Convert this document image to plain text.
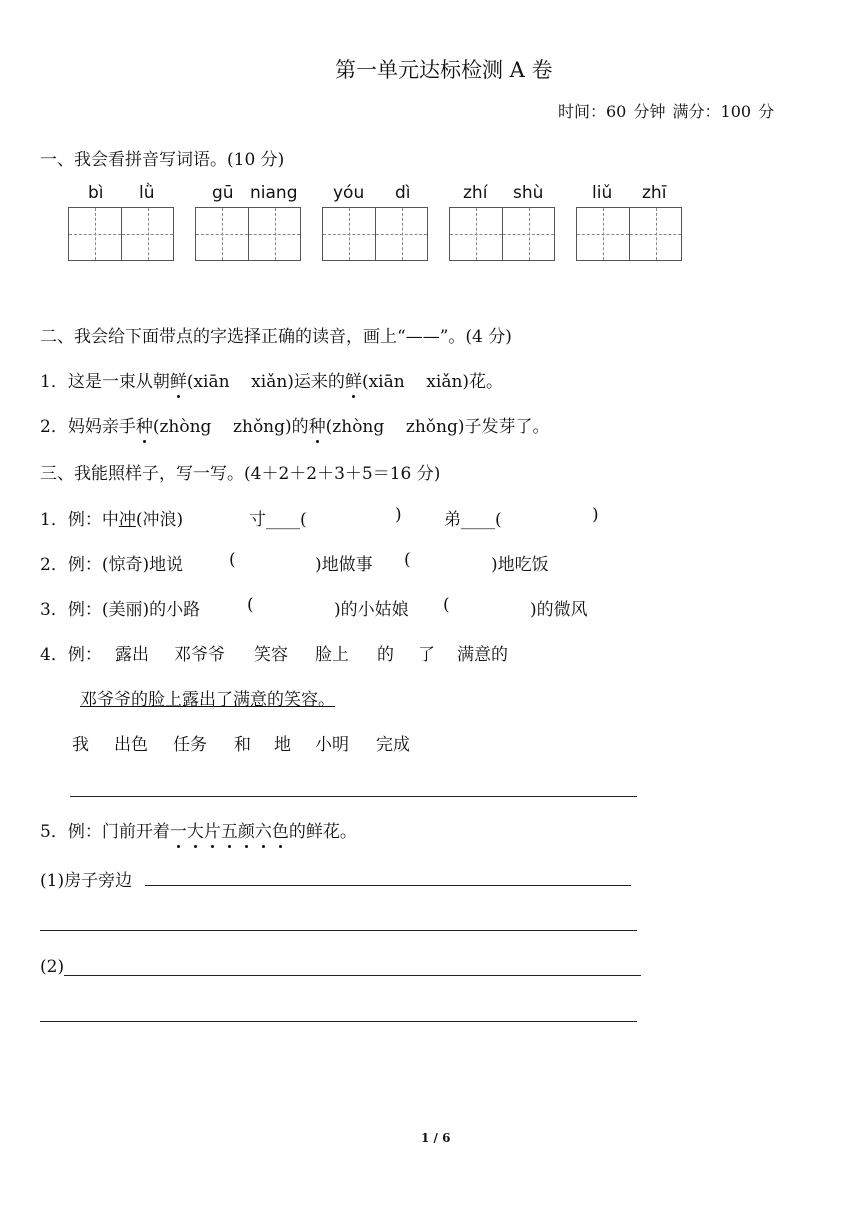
第一单元达标检测 A 卷
时间：60 分钟 满分：100 分
一、我会看拼音写词语。(10 分)
bì lǜ	gū niang yóu dì	zhí shù	liǔ zhī
二、我会给下面带点的字选择正确的读音，画上“——”。(4 分)
1．这是一束从朝鲜(xiān    xiǎn)运来的鲜(xiān    xiǎn)花。
2．妈妈亲手种(zhòng    zhǒng)的种(zhòng    zhǒng)子发芽了。
三、我能照样子，写一写。(4＋2＋2＋3＋5＝16 分)
1．例：中冲(冲浪)	寸____(	) 弟____(	)
2．例：(惊奇)地说	(	)地做事 (	)地吃饭
3．例：(美丽)的小路	(	)的小姑娘 (	)的微风
4．例： 露出 邓爷爷 笑容 脸上 的 了 满意的
邓爷爷的脸上露出了满意的笑容。
我 出色 任务 和 地 小明 完成
5．例：门前开着一大片五颜六色的鲜花。
(1)房子旁边
(2)
1 / 6
